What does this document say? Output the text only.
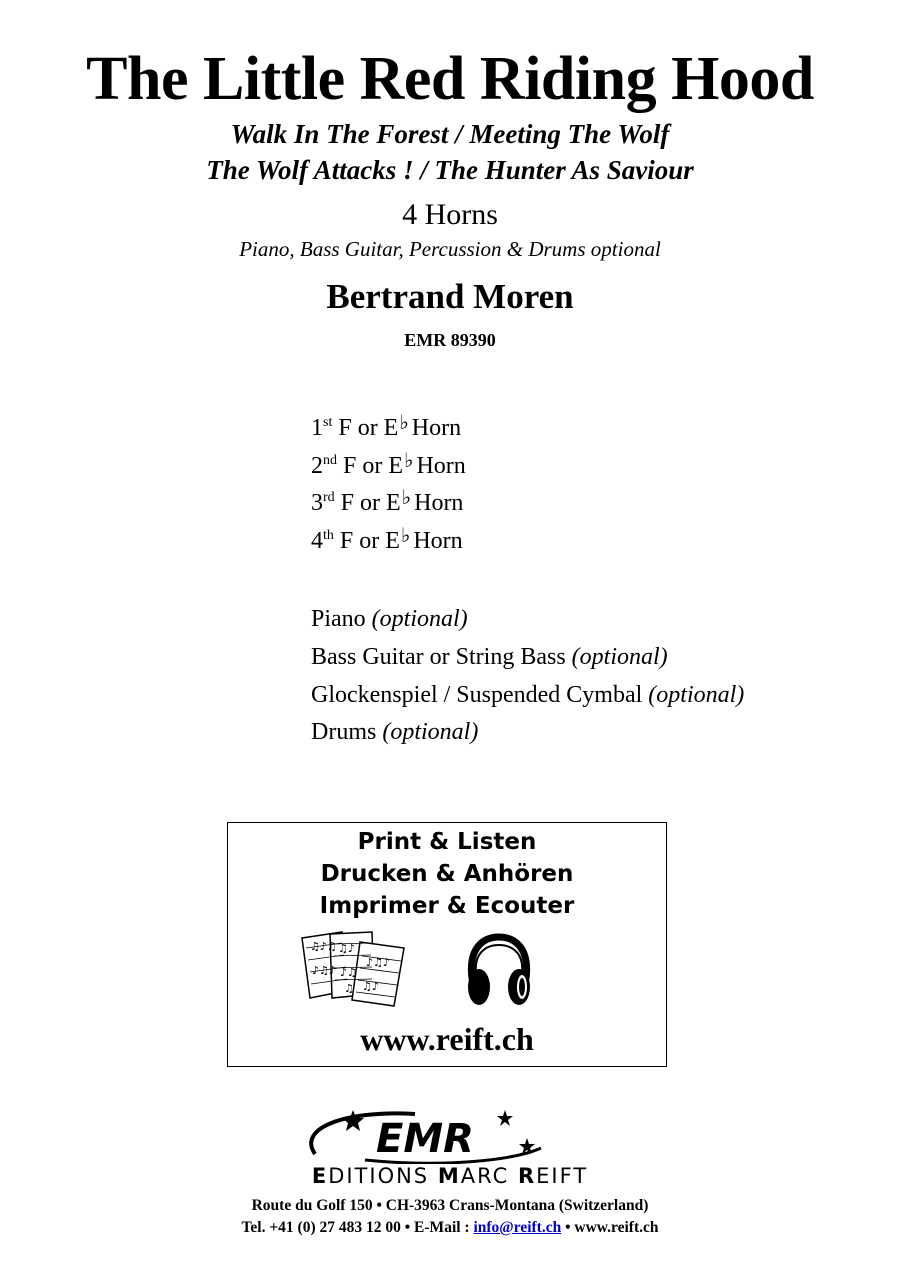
The Little Red Riding Hood
Walk In The Forest / Meeting The Wolf
The Wolf Attacks ! / The Hunter As Saviour
4 Horns
Piano, Bass Guitar, Percussion & Drums optional
Bertrand Moren
EMR 89390
1st F or E♭ Horn
2nd F or E♭ Horn
3rd F or E♭ Horn
4th F or E♭ Horn
Piano (optional)
Bass Guitar or String Bass (optional)
Glockenspiel / Suspended Cymbal (optional)
Drums (optional)
Print & Listen
Drucken & Anhören
Imprimer & Ecouter
♫♪♫
♪♫♪
♫♪
♪♫
♫
♪♫♪
♫♪
www.reift.ch
EMR
EDITIONS MARC REIFT
Route du Golf 150 • CH-3963 Crans-Montana (Switzerland)
Tel. +41 (0) 27 483 12 00 • E-Mail : info@reift.ch • www.reift.ch
